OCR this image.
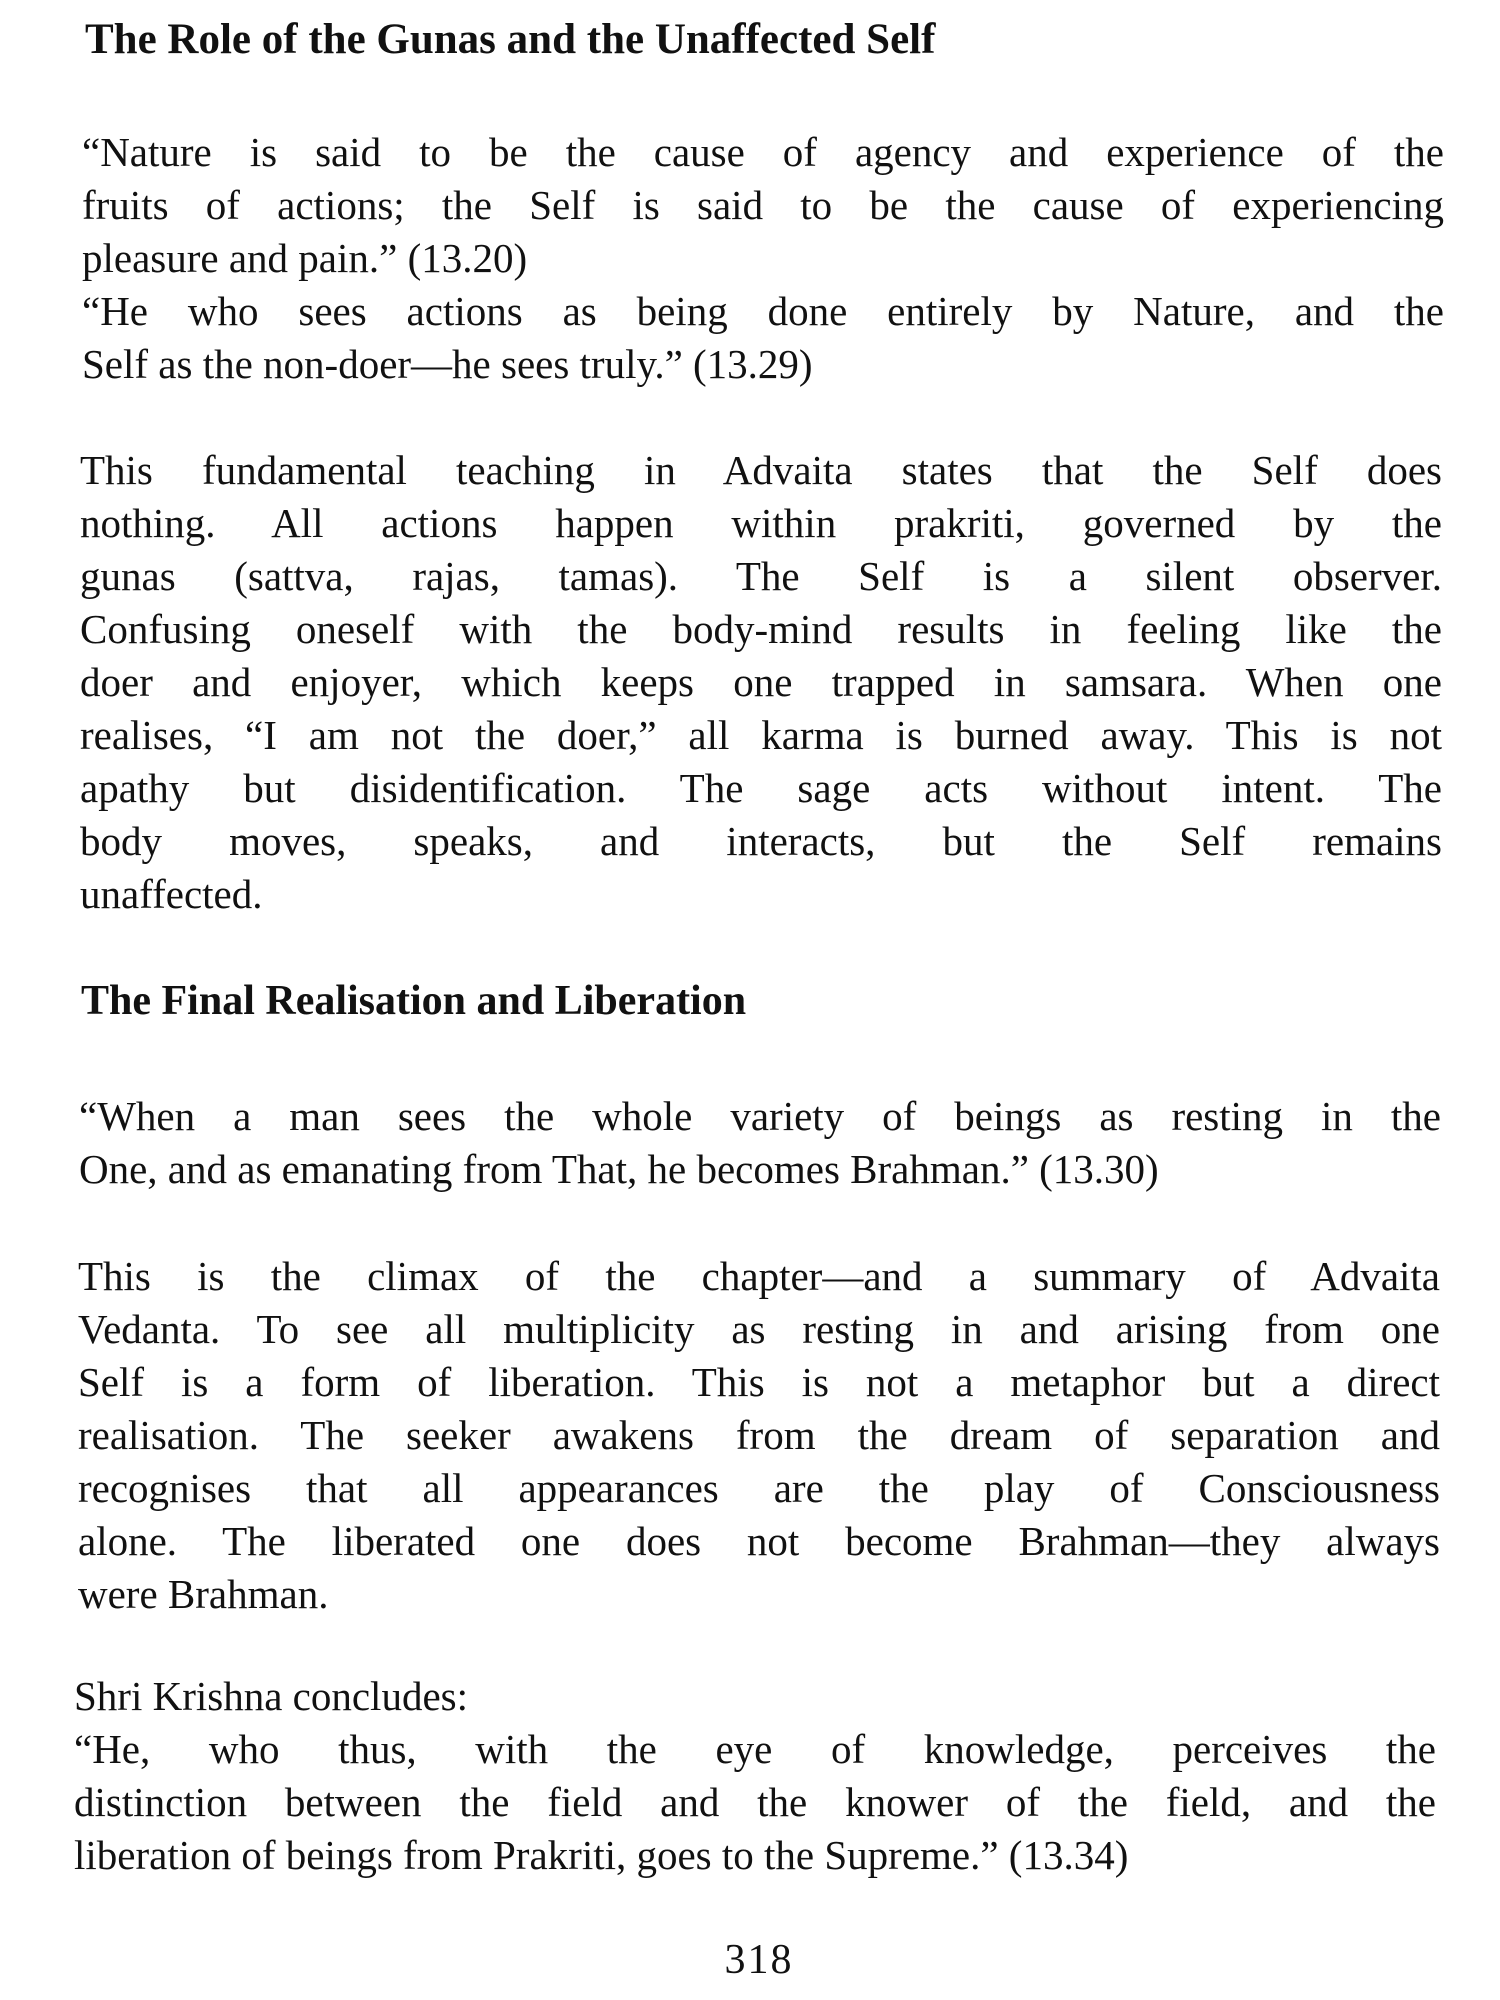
The Role of the Gunas and the Unaffected Self

“Nature is said to be the cause of agency and experience of the
fruits of actions; the Self is said to be the cause of experiencing
pleasure and pain.” (13.20)

“He who sees actions as being done entirely by Nature, and the
Self as the non-doer—he sees truly.” (13.29)

This fundamental teaching in Advaita states that the Self does
nothing. All actions happen within prakriti, governed by the
gunas (sattva, rajas, tamas). The Self is a silent observer.
Confusing oneself with the body-mind results in feeling like the
doer and enjoyer, which keeps one trapped in samsara. When one
realises, “I am not the doer,” all karma is burned away. This is not
apathy but disidentification. The sage acts without intent. The
body moves, speaks, and interacts, but the Self remains
unaffected.

The Final Realisation and Liberation

“When a man sees the whole variety of beings as resting in the
One, and as emanating from That, he becomes Brahman.” (13.30)

This is the climax of the chapter—and a summary of Advaita
Vedanta. To see all multiplicity as resting in and arising from one
Self is a form of liberation. This is not a metaphor but a direct
realisation. The seeker awakens from the dream of separation and
recognises that all appearances are the play of Consciousness
alone. The liberated one does not become Brahman—they always
were Brahman.

Shri Krishna concludes:

“He, who thus, with the eye of knowledge, perceives the
distinction between the field and the knower of the field, and the
liberation of beings from Prakriti, goes to the Supreme.” (13.34)

318
